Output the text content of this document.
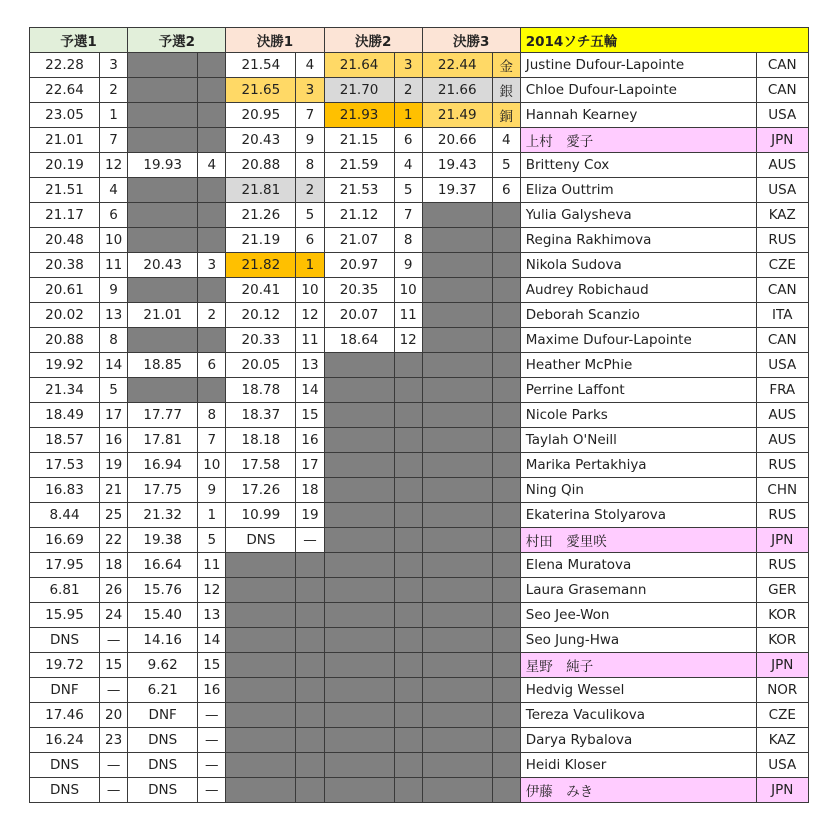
予選1		予選2		決勝1		決勝2		決勝3		2014ソチ五輪	
22.28	3			21.54	4	21.64	3	22.44	金	Justine Dufour-Lapointe	CAN
22.64	2			21.65	3	21.70	2	21.66	銀	Chloe Dufour-Lapointe	CAN
23.05	1			20.95	7	21.93	1	21.49	銅	Hannah Kearney	USA
21.01	7			20.43	9	21.15	6	20.66	4	上村　愛子	JPN
20.19	12	19.93	4	20.88	8	21.59	4	19.43	5	Britteny Cox	AUS
21.51	4			21.81	2	21.53	5	19.37	6	Eliza Outtrim	USA
21.17	6			21.26	5	21.12	7			Yulia Galysheva	KAZ
20.48	10			21.19	6	21.07	8			Regina Rakhimova	RUS
20.38	11	20.43	3	21.82	1	20.97	9			Nikola Sudova	CZE
20.61	9			20.41	10	20.35	10			Audrey Robichaud	CAN
20.02	13	21.01	2	20.12	12	20.07	11			Deborah Scanzio	ITA
20.88	8			20.33	11	18.64	12			Maxime Dufour-Lapointe	CAN
19.92	14	18.85	6	20.05	13					Heather McPhie	USA
21.34	5			18.78	14					Perrine Laffont	FRA
18.49	17	17.77	8	18.37	15					Nicole Parks	AUS
18.57	16	17.81	7	18.18	16					Taylah O'Neill	AUS
17.53	19	16.94	10	17.58	17					Marika Pertakhiya	RUS
16.83	21	17.75	9	17.26	18					Ning Qin	CHN
8.44	25	21.32	1	10.99	19					Ekaterina Stolyarova	RUS
16.69	22	19.38	5	DNS	—					村田　愛里咲	JPN
17.95	18	16.64	11							Elena Muratova	RUS
6.81	26	15.76	12							Laura Grasemann	GER
15.95	24	15.40	13							Seo Jee-Won	KOR
DNS	—	14.16	14							Seo Jung-Hwa	KOR
19.72	15	9.62	15							星野　純子	JPN
DNF	—	6.21	16							Hedvig Wessel	NOR
17.46	20	DNF	—							Tereza Vaculikova	CZE
16.24	23	DNS	—							Darya Rybalova	KAZ
DNS	—	DNS	—							Heidi Kloser	USA
DNS	—	DNS	—							伊藤　みき	JPN
